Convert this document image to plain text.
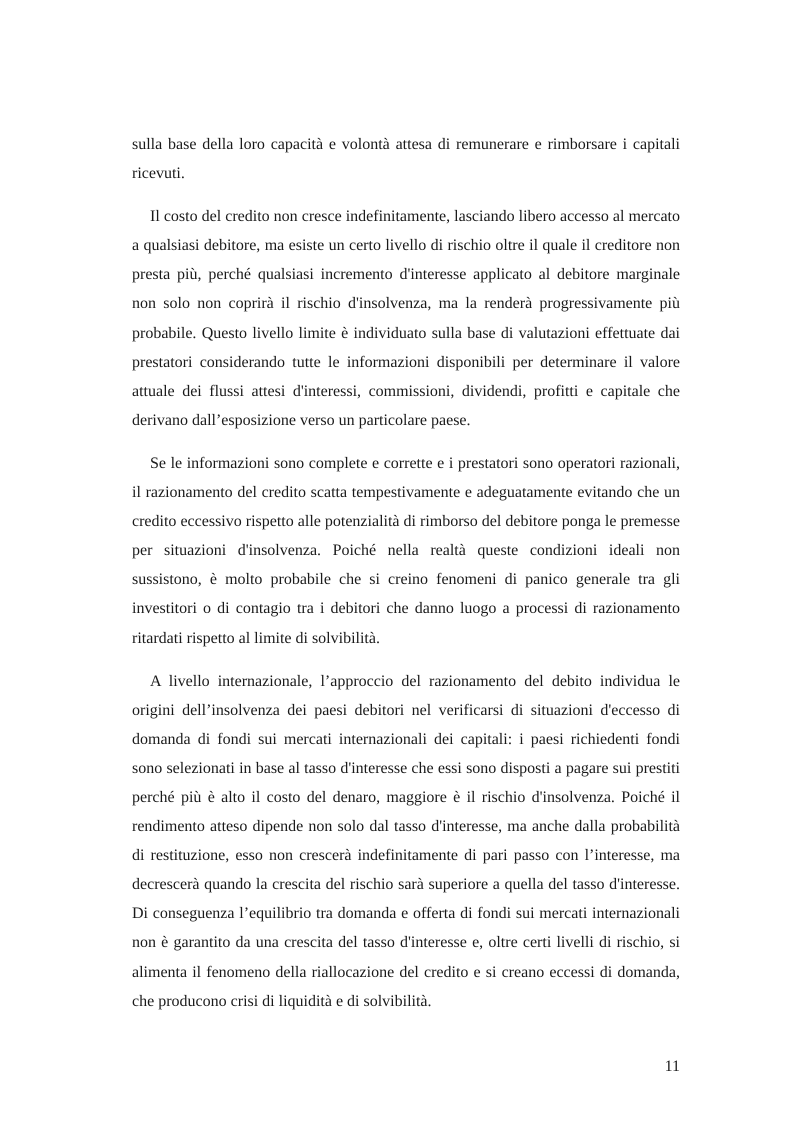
sulla base della loro capacità e volontà attesa di remunerare e rimborsare i capitali ricevuti.

Il costo del credito non cresce indefinitamente, lasciando libero accesso al mercato a qualsiasi debitore, ma esiste un certo livello di rischio oltre il quale il creditore non presta più, perché qualsiasi incremento d'interesse applicato al debitore marginale non solo non coprirà il rischio d'insolvenza, ma la renderà progressivamente più probabile. Questo livello limite è individuato sulla base di valutazioni effettuate dai prestatori considerando tutte le informazioni disponibili per determinare il valore attuale dei flussi attesi d'interessi, commissioni, dividendi, profitti e capitale che derivano dall’esposizione verso un particolare paese.

Se le informazioni sono complete e corrette e i prestatori sono operatori razionali, il razionamento del credito scatta tempestivamente e adeguatamente evitando che un credito eccessivo rispetto alle potenzialità di rimborso del debitore ponga le premesse per situazioni d'insolvenza. Poiché nella realtà queste condizioni ideali non sussistono, è molto probabile che si creino fenomeni di panico generale tra gli investitori o di contagio tra i debitori che danno luogo a processi di razionamento ritardati rispetto al limite di solvibilità.

A livello internazionale, l’approccio del razionamento del debito individua le origini dell’insolvenza dei paesi debitori nel verificarsi di situazioni d'eccesso di domanda di fondi sui mercati internazionali dei capitali: i paesi richiedenti fondi sono selezionati in base al tasso d'interesse che essi sono disposti a pagare sui prestiti perché più è alto il costo del denaro, maggiore è il rischio d'insolvenza. Poiché il rendimento atteso dipende non solo dal tasso d'interesse, ma anche dalla probabilità di restituzione, esso non crescerà indefinitamente di pari passo con l’interesse, ma decrescerà quando la crescita del rischio sarà superiore a quella del tasso d'interesse. Di conseguenza l’equilibrio tra domanda e offerta di fondi sui mercati internazionali non è garantito da una crescita del tasso d'interesse e, oltre certi livelli di rischio, si alimenta il fenomeno della riallocazione del credito e si creano eccessi di domanda, che producono crisi di liquidità e di solvibilità.

11
